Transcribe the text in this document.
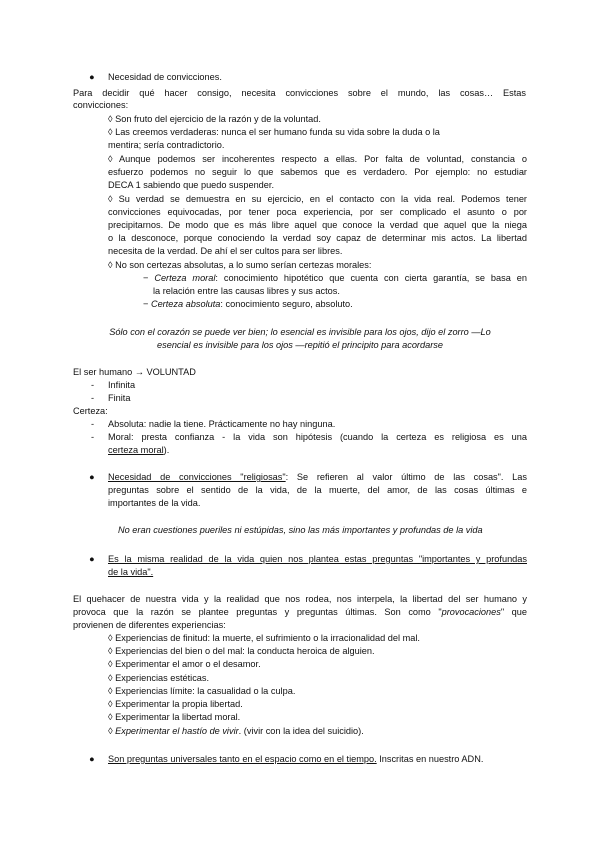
● Necesidad de convicciones.
Para decidir qué hacer consigo, necesita convicciones sobre el mundo, las cosas… Estas
convicciones:
◊ Son fruto del ejercicio de la razón y de la voluntad.
◊ Las creemos verdaderas: nunca el ser humano funda su vida sobre la duda o la
mentira; sería contradictorio.
◊ Aunque podemos ser incoherentes respecto a ellas. Por falta de voluntad, constancia o
esfuerzo podemos no seguir lo que sabemos que es verdadero. Por ejemplo: no estudiar
DECA 1 sabiendo que puedo suspender.
◊ Su verdad se demuestra en su ejercicio, en el contacto con la vida real. Podemos tener
convicciones equivocadas, por tener poca experiencia, por ser complicado el asunto o por
precipitarnos. De modo que es más libre aquel que conoce la verdad que aquel que la niega
o la desconoce, porque conociendo la verdad soy capaz de determinar mis actos. La libertad
necesita de la verdad. De ahí el ser cultos para ser libres.
◊ No son certezas absolutas, a lo sumo serían certezas morales:
− Certeza moral: conocimiento hipotético que cuenta con cierta garantía, se basa en
la relación entre las causas libres y sus actos.
− Certeza absoluta: conocimiento seguro, absoluto.
Sólo con el corazón se puede ver bien; lo esencial es invisible para los ojos, dijo el zorro —Lo
esencial es invisible para los ojos —repitió el principito para acordarse
El ser humano → VOLUNTAD
- Infinita
- Finita
Certeza:
- Absoluta: nadie la tiene. Prácticamente no hay ninguna.
- Moral: presta confianza - la vida son hipótesis (cuando la certeza es religiosa es una
certeza moral).
● Necesidad de convicciones "religiosas": Se refieren al valor último de las cosas". Las
preguntas sobre el sentido de la vida, de la muerte, del amor, de las cosas últimas e
importantes de la vida.
No eran cuestiones pueriles ni estúpidas, sino las más importantes y profundas de la vida
● Es la misma realidad de la vida quien nos plantea estas preguntas "importantes y profundas
de la vida".
El quehacer de nuestra vida y la realidad que nos rodea, nos interpela, la libertad del ser humano y
provoca que la razón se plantee preguntas y preguntas últimas. Son como "provocaciones" que
provienen de diferentes experiencias:
◊ Experiencias de finitud: la muerte, el sufrimiento o la irracionalidad del mal.
◊ Experiencias del bien o del mal: la conducta heroica de alguien.
◊ Experimentar el amor o el desamor.
◊ Experiencias estéticas.
◊ Experiencias límite: la casualidad o la culpa.
◊ Experimentar la propia libertad.
◊ Experimentar la libertad moral.
◊ Experimentar el hastío de vivir. (vivir con la idea del suicidio).
● Son preguntas universales tanto en el espacio como en el tiempo. Inscritas en nuestro ADN.
